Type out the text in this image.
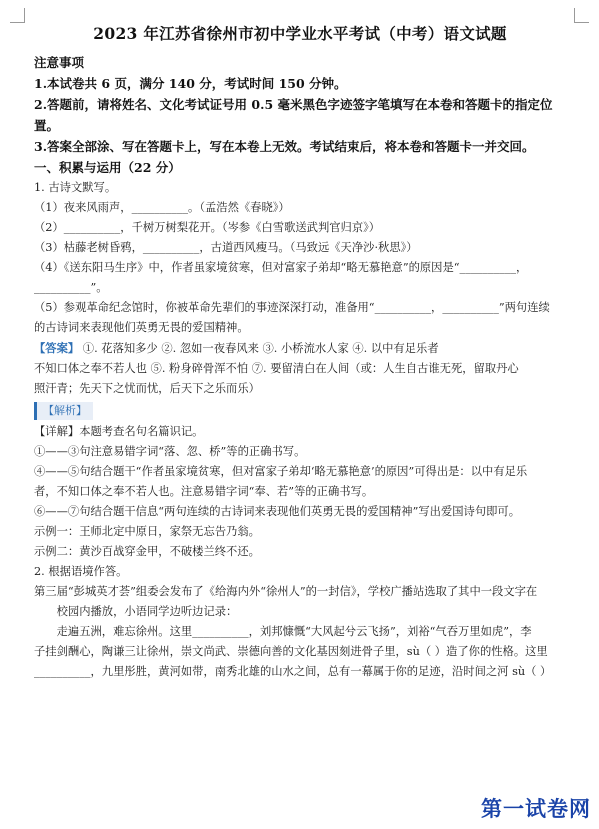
2023 年江苏省徐州市初中学业水平考试（中考）语文试题
注意事项
1.本试卷共 6 页，满分 140 分，考试时间 150 分钟。
2.答题前，请将姓名、文化考试证号用 0.5 毫米黑色字迹签字笔填写在本卷和答题卡的指定位置。
3.答案全部涂、写在答题卡上，写在本卷上无效。考试结束后，将本卷和答题卡一并交回。
一、积累与运用（22 分）
1. 古诗文默写。
（1）夜来风雨声，__________。（孟浩然《春晓》）
（2）__________，千树万树梨花开。（岑参《白雪歌送武判官归京》）
（3）枯藤老树昏鸦，__________，古道西风瘦马。（马致远《天净沙·秋思》）
（4）《送东阳马生序》中，作者虽家境贫寒，但对富家子弟却“略无慕艳意”的原因是“__________，
__________”。
（5）参观革命纪念馆时，你被革命先辈们的事迹深深打动，准备用“__________，__________”两句连续
的古诗词来表现他们英勇无畏的爱国精神。
【答案】 ①. 花落知多少 ②. 忽如一夜春风来 ③. 小桥流水人家 ④. 以中有足乐者
不知口体之奉不若人也 ⑤. 粉身碎骨浑不怕 ⑦. 要留清白在人间（或：人生自古谁无死，留取丹心
照汗青；先天下之忧而忧，后天下之乐而乐）
【解析】
【详解】本题考查名句名篇识记。
①——③句注意易错字词“落、忽、桥”等的正确书写。
④——⑤句结合题干“作者虽家境贫寒，但对富家子弟却‘略无慕艳意’的原因”可得出是：以中有足乐
者，不知口体之奉不若人也。注意易错字词“奉、若”等的正确书写。
⑥——⑦句结合题干信息“两句连续的古诗词来表现他们英勇无畏的爱国精神”写出爱国诗句即可。
示例一：王师北定中原日，家祭无忘告乃翁。
示例二：黄沙百战穿金甲，不破楼兰终不还。
2. 根据语境作答。
第三届“彭城英才荟”组委会发布了《给海内外“徐州人”的一封信》，学校广播站选取了其中一段文字在
校园内播放，小语同学边听边记录：
走遍五洲，难忘徐州。这里__________，刘邦慷慨“大风起兮云飞扬”，刘裕“气吞万里如虎”，李
子挂剑酬心，陶谦三让徐州，崇文尚武、崇德向善的文化基因刻进骨子里，sù（ ）造了你的性格。这里
__________，九里彤胜，黄河如带，南秀北雄的山水之间，总有一幕属于你的足迹，沿时间之河 sù（ ）
第一试卷网
